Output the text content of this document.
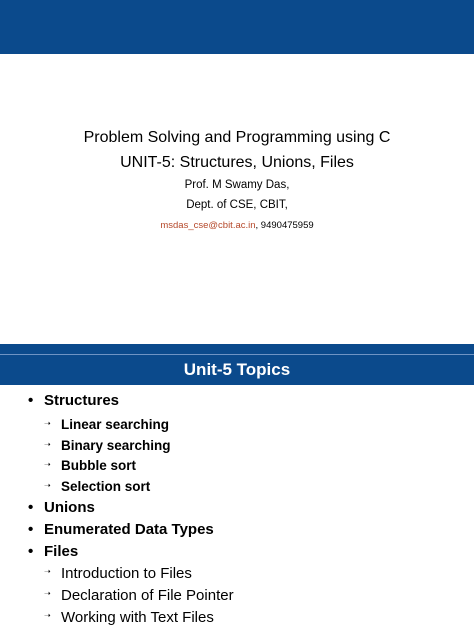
Problem Solving and Programming using C
UNIT-5: Structures, Unions, Files
Prof. M Swamy Das,
Dept. of CSE, CBIT,
msdas_cse@cbit.ac.in, 9490475959
Unit-5 Topics
• Structures
➝ Linear searching
➝ Binary searching
➝ Bubble sort
➝ Selection sort
• Unions
• Enumerated Data Types
• Files
➝ Introduction to Files
➝ Declaration of File Pointer
➝ Working with Text Files
